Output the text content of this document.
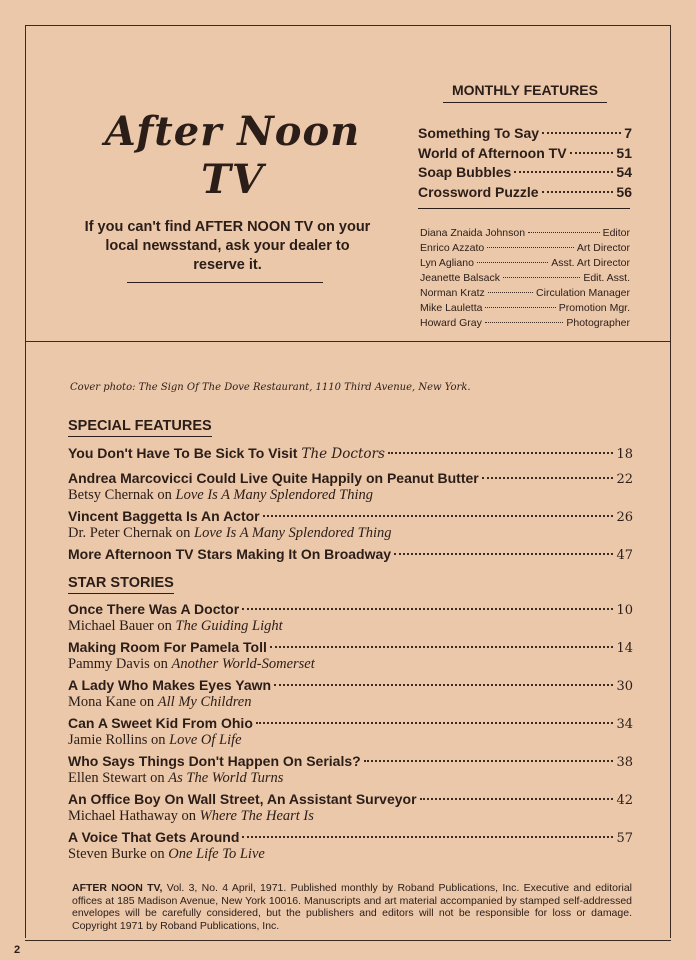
After Noon
TV
If you can't find AFTER NOON TV on your local newsstand, ask your dealer to reserve it.
MONTHLY FEATURES
Something To Say	7
World of Afternoon TV	51
Soap Bubbles	54
Crossword Puzzle	56
Diana Znaida Johnson	Editor
Enrico Azzato	Art Director
Lyn Agliano	Asst. Art Director
Jeanette Balsack	Edit. Asst.
Norman Kratz	Circulation Manager
Mike Lauletta	Promotion Mgr.
Howard Gray	Photographer
Cover photo: The Sign Of The Dove Restaurant, 1110 Third Avenue, New York.
SPECIAL FEATURES
You Don't Have To Be Sick To Visit The Doctors	18
Andrea Marcovicci Could Live Quite Happily on Peanut Butter	22
Betsy Chernak on Love Is A Many Splendored Thing
Vincent Baggetta Is An Actor	26
Dr. Peter Chernak on Love Is A Many Splendored Thing
More Afternoon TV Stars Making It On Broadway	47
STAR STORIES
Once There Was A Doctor	10
Michael Bauer on The Guiding Light
Making Room For Pamela Toll	14
Pammy Davis on Another World-Somerset
A Lady Who Makes Eyes Yawn	30
Mona Kane on All My Children
Can A Sweet Kid From Ohio	34
Jamie Rollins on Love Of Life
Who Says Things Don't Happen On Serials?	38
Ellen Stewart on As The World Turns
An Office Boy On Wall Street, An Assistant Surveyor	42
Michael Hathaway on Where The Heart Is
A Voice That Gets Around	57
Steven Burke on One Life To Live
AFTER NOON TV, Vol. 3, No. 4 April, 1971. Published monthly by Roband Publications, Inc. Executive and editorial offices at 185 Madison Avenue, New York 10016. Manuscripts and art material accompanied by stamped self-addressed envelopes will be carefully considered, but the publishers and editors will not be responsible for loss or damage. Copyright 1971 by Roband Publications, Inc.
2
